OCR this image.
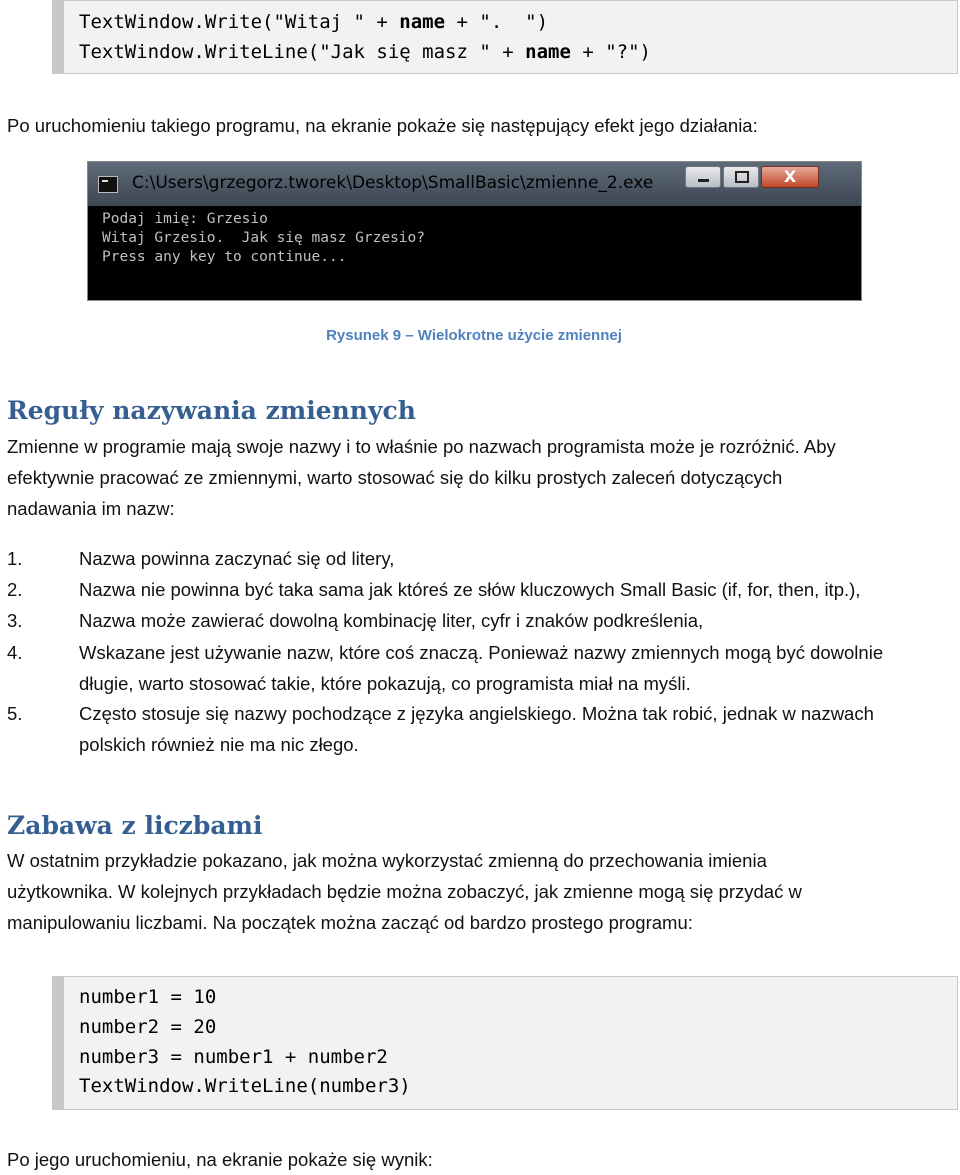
TextWindow.Write("Witaj " + name + ".  ")
TextWindow.WriteLine("Jak się masz " + name + "?")
Po uruchomieniu takiego programu, na ekranie pokaże się następujący efekt jego działania:
C:\Users\grzegorz.tworek\Desktop\SmallBasic\zmienne_2.exe	X
Podaj imię: Grzesio
Witaj Grzesio.  Jak się masz Grzesio?
Press any key to continue...
Rysunek 9 – Wielokrotne użycie zmiennej
Reguły nazywania zmiennych
Zmienne w programie mają swoje nazwy i to właśnie po nazwach programista może je rozróżnić. Aby
efektywnie pracować ze zmiennymi, warto stosować się do kilku prostych zaleceń dotyczących
nadawania im nazw:
1.	Nazwa powinna zaczynać się od litery,
2.	Nazwa nie powinna być taka sama jak któreś ze słów kluczowych Small Basic (if, for, then, itp.),
3.	Nazwa może zawierać dowolną kombinację liter, cyfr i znaków podkreślenia,
4.	Wskazane jest używanie nazw, które coś znaczą. Ponieważ nazwy zmiennych mogą być dowolnie
długie, warto stosować takie, które pokazują, co programista miał na myśli.
5.	Często stosuje się nazwy pochodzące z języka angielskiego. Można tak robić, jednak w nazwach
polskich również nie ma nic złego.
Zabawa z liczbami
W ostatnim przykładzie pokazano, jak można wykorzystać zmienną do przechowania imienia
użytkownika. W kolejnych przykładach będzie można zobaczyć, jak zmienne mogą się przydać w
manipulowaniu liczbami. Na początek można zacząć od bardzo prostego programu:
number1 = 10
number2 = 20
number3 = number1 + number2
TextWindow.WriteLine(number3)
Po jego uruchomieniu, na ekranie pokaże się wynik:
